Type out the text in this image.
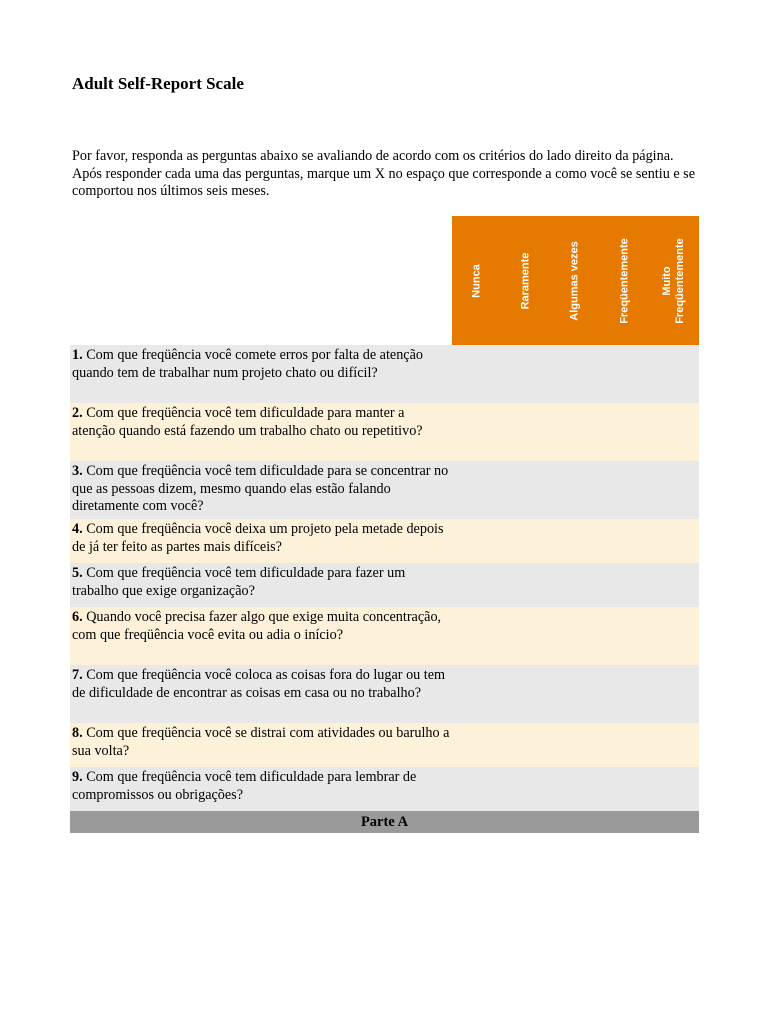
Adult Self-Report Scale

Por favor, responda as perguntas abaixo se avaliando de acordo com os critérios do lado direito da página. Após responder cada uma das perguntas, marque um X no espaço que corresponde a como você se sentiu e se comportou nos últimos seis meses.

	Nunca	Raramente	Algumas vezes	Freqüentemente	Muito
Freqüentemente

1. Com que freqüência você comete erros por falta de atenção quando tem de trabalhar num projeto chato ou difícil?					
2. Com que freqüência você tem dificuldade para manter a atenção quando está fazendo um trabalho chato ou repetitivo?					
3. Com que freqüência você tem dificuldade para se concentrar no que as pessoas dizem, mesmo quando elas estão falando diretamente com você?					
4. Com que freqüência você deixa um projeto pela metade depois de já ter feito as partes mais difíceis?					
5. Com que freqüência você tem dificuldade para fazer um trabalho que exige organização?					
6. Quando você precisa fazer algo que exige muita concentração, com que freqüência você evita ou adia o início?					
7. Com que freqüência você coloca as coisas fora do lugar ou tem de dificuldade de encontrar as coisas em casa ou no trabalho?					
8. Com que freqüência você se distrai com atividades ou barulho a sua volta?					
9. Com que freqüência você tem dificuldade para lembrar de compromissos ou obrigações?					
Parte A					
